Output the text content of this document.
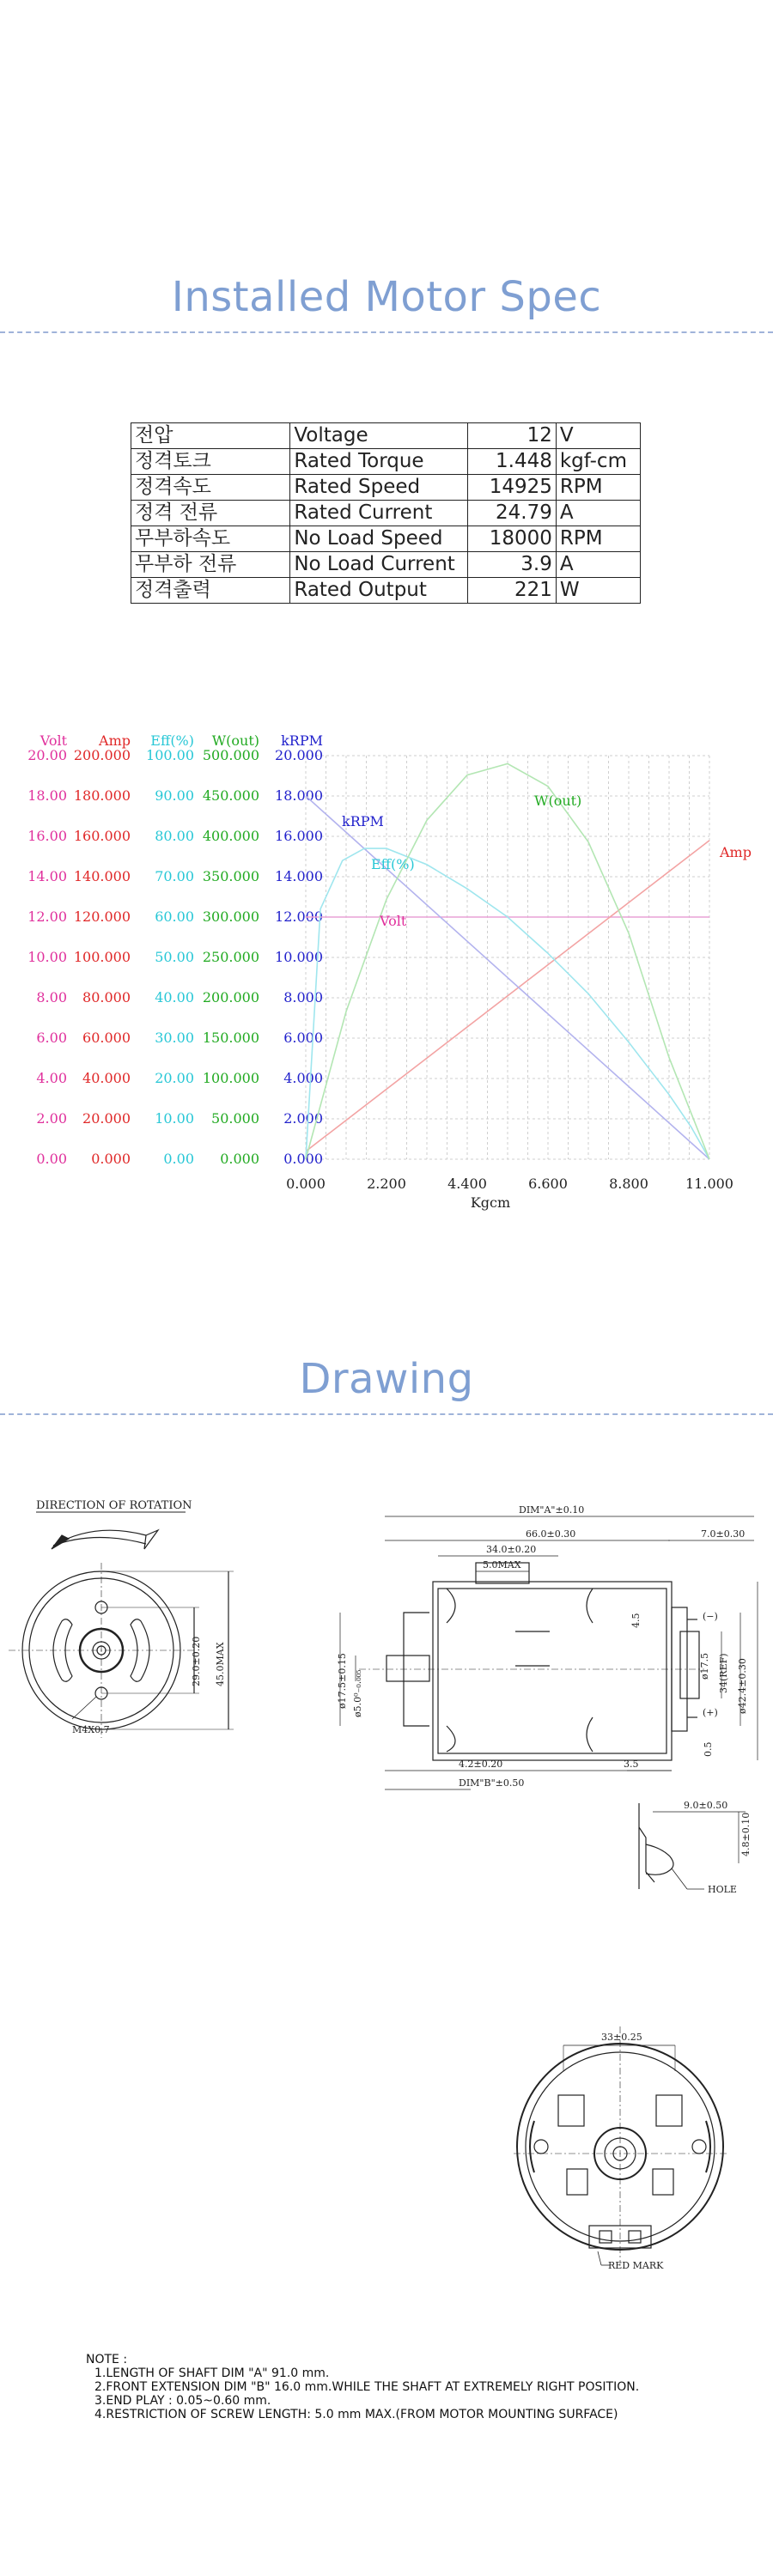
Installed Motor Spec
전압	Voltage	12	V
정격토크	Rated Torque	1.448	kgf-cm
정격속도	Rated Speed	14925	RPM
정격 전류	Rated Current	24.79	A
무부하속도	No Load Speed	18000	RPM
무부하 전류	No Load Current	3.9	A
정격출력	Rated Output	221	W
Volt
0.00
2.00
4.00
6.00
8.00
10.00
12.00
14.00
16.00
18.00
20.00
Amp
0.000
20.000
40.000
60.000
80.000
100.000
120.000
140.000
160.000
180.000
200.000
Eff(%)
0.00
10.00
20.00
30.00
40.00
50.00
60.00
70.00
80.00
90.00
100.00
W(out)
0.000
50.000
100.000
150.000
200.000
250.000
300.000
350.000
400.000
450.000
500.000
kRPM
0.000
2.000
4.000
6.000
8.000
10.000
12.000
14.000
16.000
18.000
20.000
0.000	2.200	4.400	6.600	8.800	11.000
Kgcm
W(out)
Amp
kRPM
Eff(%)
Volt
Drawing
DIRECTION OF ROTATION
29.0±0.20 45.0MAX
M4X0.7
DIM"A"±0.10
66.0±0.30	7.0±0.30
34.0±0.20
5.0MAX
4.5
ø17.5±0.15 ø5.0⁰₋₀.₀₀₅
ø17.5 34(REF) ø42.4±0.30
(−)
(+)
0.5
4.2±0.20	3.5
DIM"B"±0.50
9.0±0.50
4.8±0.10
HOLE
33±0.25
RED MARK
NOTE :
1.LENGTH OF SHAFT DIM "A" 91.0 mm.
2.FRONT EXTENSION DIM "B" 16.0 mm.WHILE THE SHAFT AT EXTREMELY RIGHT POSITION.
3.END PLAY : 0.05~0.60 mm.
4.RESTRICTION OF SCREW LENGTH: 5.0 mm MAX.(FROM MOTOR MOUNTING SURFACE)
